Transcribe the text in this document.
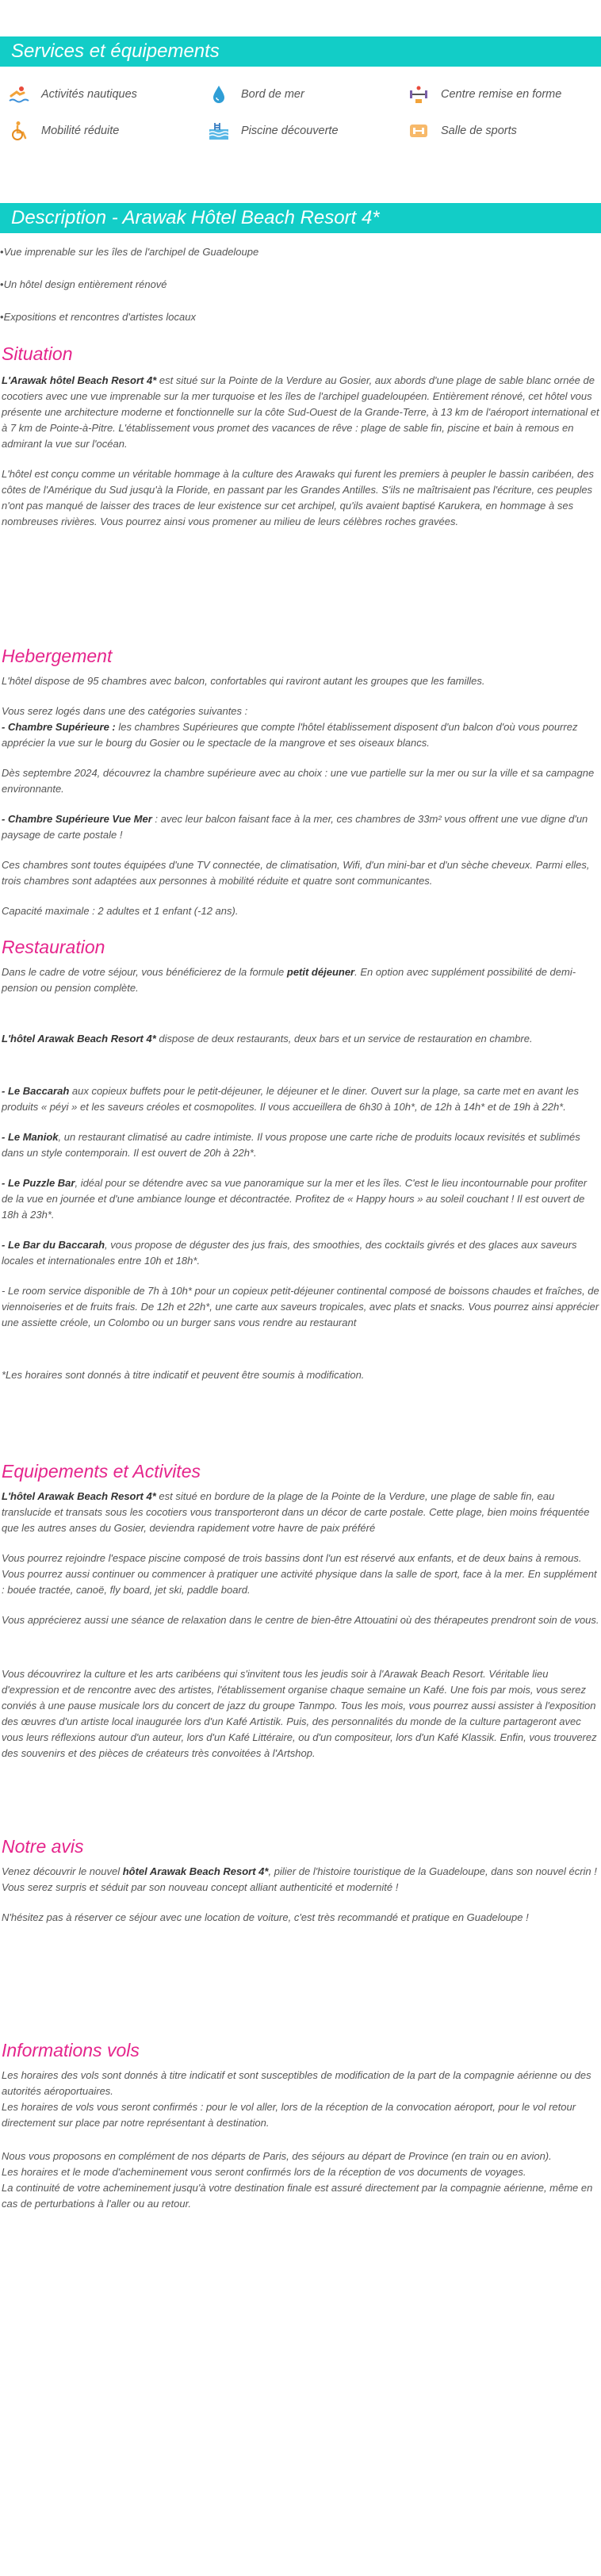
Services et équipements
Activités nautiques	Bord de mer	Centre remise en forme
Mobilité réduite	Piscine découverte	Salle de sports
Description - Arawak Hôtel Beach Resort 4*
• Vue imprenable sur les îles de l'archipel de Guadeloupe
• Un hôtel design entièrement rénové
• Expositions et rencontres d'artistes locaux
Situation

L'Arawak hôtel Beach Resort 4* est situé sur la Pointe de la Verdure au Gosier, aux abords d'une plage de sable blanc ornée de cocotiers avec une vue imprenable sur la mer turquoise et les îles de l'archipel guadeloupéen. Entièrement rénové, cet hôtel vous présente une architecture moderne et fonctionnelle sur la côte Sud-Ouest de la Grande-Terre, à 13 km de l'aéroport international et à 7 km de Pointe-à-Pitre. L'établissement vous promet des vacances de rêve : plage de sable fin, piscine et bain à remous en admirant la vue sur l'océan.

L'hôtel est conçu comme un véritable hommage à la culture des Arawaks qui furent les premiers à peupler le bassin caribéen, des côtes de l'Amérique du Sud jusqu'à la Floride, en passant par les Grandes Antilles. S'ils ne maîtrisaient pas l'écriture, ces peuples n'ont pas manqué de laisser des traces de leur existence sur cet archipel, qu'ils avaient baptisé Karukera, en hommage à ses nombreuses rivières. Vous pourrez ainsi vous promener au milieu de leurs célèbres roches gravées.

Hebergement

L'hôtel dispose de 95 chambres avec balcon, confortables qui raviront autant les groupes que les familles.

Vous serez logés dans une des catégories suivantes :

- Chambre Supérieure : les chambres Supérieures que compte l'hôtel établissement disposent d'un balcon d'où vous pourrez apprécier la vue sur le bourg du Gosier ou le spectacle de la mangrove et ses oiseaux blancs.

Dès septembre 2024, découvrez la chambre supérieure avec au choix : une vue partielle sur la mer ou sur la ville et sa campagne environnante.

- Chambre Supérieure Vue Mer : avec leur balcon faisant face à la mer, ces chambres de 33m² vous offrent une vue digne d'un paysage de carte postale !

Ces chambres sont toutes équipées d'une TV connectée, de climatisation, Wifi, d'un mini-bar et d'un sèche cheveux. Parmi elles, trois chambres sont adaptées aux personnes à mobilité réduite et quatre sont communicantes.

Capacité maximale : 2 adultes et 1 enfant (-12 ans).

Restauration

Dans le cadre de votre séjour, vous bénéficierez de la formule petit déjeuner. En option avec supplément possibilité de demi-pension ou pension complète.

L'hôtel Arawak Beach Resort 4* dispose de deux restaurants, deux bars et un service de restauration en chambre.

- Le Baccarah aux copieux buffets pour le petit-déjeuner, le déjeuner et le diner. Ouvert sur la plage, sa carte met en avant les produits « péyi » et les saveurs créoles et cosmopolites. Il vous accueillera de 6h30 à 10h*, de 12h à 14h* et de 19h à 22h*.

- Le Maniok, un restaurant climatisé au cadre intimiste. Il vous propose une carte riche de produits locaux revisités et sublimés dans un style contemporain. Il est ouvert de 20h à 22h*.

- Le Puzzle Bar, idéal pour se détendre avec sa vue panoramique sur la mer et les îles. C'est le lieu incontournable pour profiter de la vue en journée et d'une ambiance lounge et décontractée. Profitez de « Happy hours » au soleil couchant ! Il est ouvert de 18h à 23h*.

- Le Bar du Baccarah, vous propose de déguster des jus frais, des smoothies, des cocktails givrés et des glaces aux saveurs locales et internationales entre 10h et 18h*.

- Le room service disponible de 7h à 10h* pour un copieux petit-déjeuner continental composé de boissons chaudes et fraîches, de viennoiseries et de fruits frais. De 12h et 22h*, une carte aux saveurs tropicales, avec plats et snacks. Vous pourrez ainsi apprécier une assiette créole, un Colombo ou un burger sans vous rendre au restaurant

*Les horaires sont donnés à titre indicatif et peuvent être soumis à modification.

Equipements et Activites

L'hôtel Arawak Beach Resort 4* est situé en bordure de la plage de la Pointe de la Verdure, une plage de sable fin, eau translucide et transats sous les cocotiers vous transporteront dans un décor de carte postale. Cette plage, bien moins fréquentée que les autres anses du Gosier, deviendra rapidement votre havre de paix préféré

Vous pourrez rejoindre l'espace piscine composé de trois bassins dont l'un est réservé aux enfants, et de deux bains à remous. Vous pourrez aussi continuer ou commencer à pratiquer une activité physique dans la salle de sport, face à la mer. En supplément : bouée tractée, canoë, fly board, jet ski, paddle board.

Vous apprécierez aussi une séance de relaxation dans le centre de bien-être Attouatini où des thérapeutes prendront soin de vous.

Vous découvrirez la culture et les arts caribéens qui s'invitent tous les jeudis soir à l'Arawak Beach Resort. Véritable lieu d'expression et de rencontre avec des artistes, l'établissement organise chaque semaine un Kafé. Une fois par mois, vous serez conviés à une pause musicale lors du concert de jazz du groupe Tanmpo. Tous les mois, vous pourrez aussi assister à l'exposition des œuvres d'un artiste local inaugurée lors d'un Kafé Artistik. Puis, des personnalités du monde de la culture partageront avec vous leurs réflexions autour d'un auteur, lors d'un Kafé Littéraire, ou d'un compositeur, lors d'un Kafé Klassik. Enfin, vous trouverez des souvenirs et des pièces de créateurs très convoitées à l'Artshop.

Notre avis

Venez découvrir le nouvel hôtel Arawak Beach Resort 4*, pilier de l'histoire touristique de la Guadeloupe, dans son nouvel écrin ! Vous serez surpris et séduit par son nouveau concept alliant authenticité et modernité !

N'hésitez pas à réserver ce séjour avec une location de voiture, c'est très recommandé et pratique en Guadeloupe !

Informations vols

Les horaires des vols sont donnés à titre indicatif et sont susceptibles de modification de la part de la compagnie aérienne ou des autorités aéroportuaires.

Les horaires de vols vous seront confirmés : pour le vol aller, lors de la réception de la convocation aéroport, pour le vol retour directement sur place par notre représentant à destination.

Nous vous proposons en complément de nos départs de Paris, des séjours au départ de Province (en train ou en avion).

Les horaires et le mode d'acheminement vous seront confirmés lors de la réception de vos documents de voyages.

La continuité de votre acheminement jusqu'à votre destination finale est assuré directement par la compagnie aérienne, même en cas de perturbations à l'aller ou au retour.
